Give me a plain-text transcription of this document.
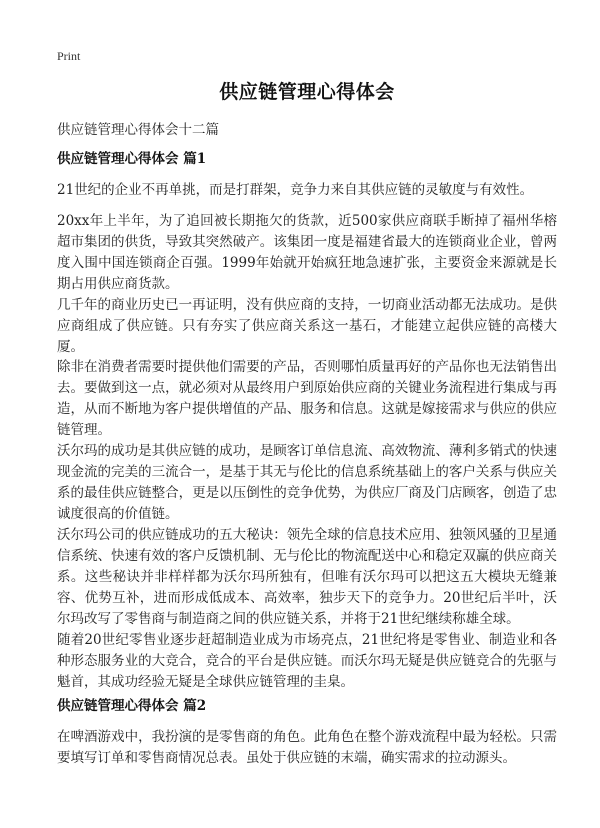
Print
供应链管理心得体会
供应链管理心得体会十二篇
供应链管理心得体会 篇1
21世纪的企业不再单挑，而是打群架，竞争力来自其供应链的灵敏度与有效性。
20xx年上半年，为了追回被长期拖欠的货款，近500家供应商联手断掉了福州华榕超市集团的供货，导致其突然破产。该集团一度是福建省最大的连锁商业企业，曾两度入围中国连锁商企百强。1999年始就开始疯狂地急速扩张，主要资金来源就是长期占用供应商货款。
几千年的商业历史已一再证明，没有供应商的支持，一切商业活动都无法成功。是供应商组成了供应链。只有夯实了供应商关系这一基石，才能建立起供应链的高楼大厦。
除非在消费者需要时提供他们需要的产品，否则哪怕质量再好的产品你也无法销售出去。要做到这一点，就必须对从最终用户到原始供应商的关键业务流程进行集成与再造，从而不断地为客户提供增值的产品、服务和信息。这就是嫁接需求与供应的供应链管理。
沃尔玛的成功是其供应链的成功，是顾客订单信息流、高效物流、薄利多销式的快速现金流的完美的三流合一，是基于其无与伦比的信息系统基础上的客户关系与供应关系的最佳供应链整合，更是以压倒性的竞争优势，为供应厂商及门店顾客，创造了忠诚度很高的价值链。
沃尔玛公司的供应链成功的五大秘诀：领先全球的信息技术应用、独领风骚的卫星通信系统、快速有效的客户反馈机制、无与伦比的物流配送中心和稳定双赢的供应商关系。这些秘诀并非样样都为沃尔玛所独有，但唯有沃尔玛可以把这五大模块无缝兼容、优势互补，进而形成低成本、高效率，独步天下的竞争力。20世纪后半叶，沃尔玛改写了零售商与制造商之间的供应链关系，并将于21世纪继续称雄全球。
随着20世纪零售业逐步赶超制造业成为市场亮点，21世纪将是零售业、制造业和各种形态服务业的大竞合，竞合的平台是供应链。而沃尔玛无疑是供应链竞合的先驱与魁首，其成功经验无疑是全球供应链管理的圭臬。
供应链管理心得体会 篇2
在啤酒游戏中，我扮演的是零售商的角色。此角色在整个游戏流程中最为轻松。只需要填写订单和零售商情况总表。虽处于供应链的末端，确实需求的拉动源头。
